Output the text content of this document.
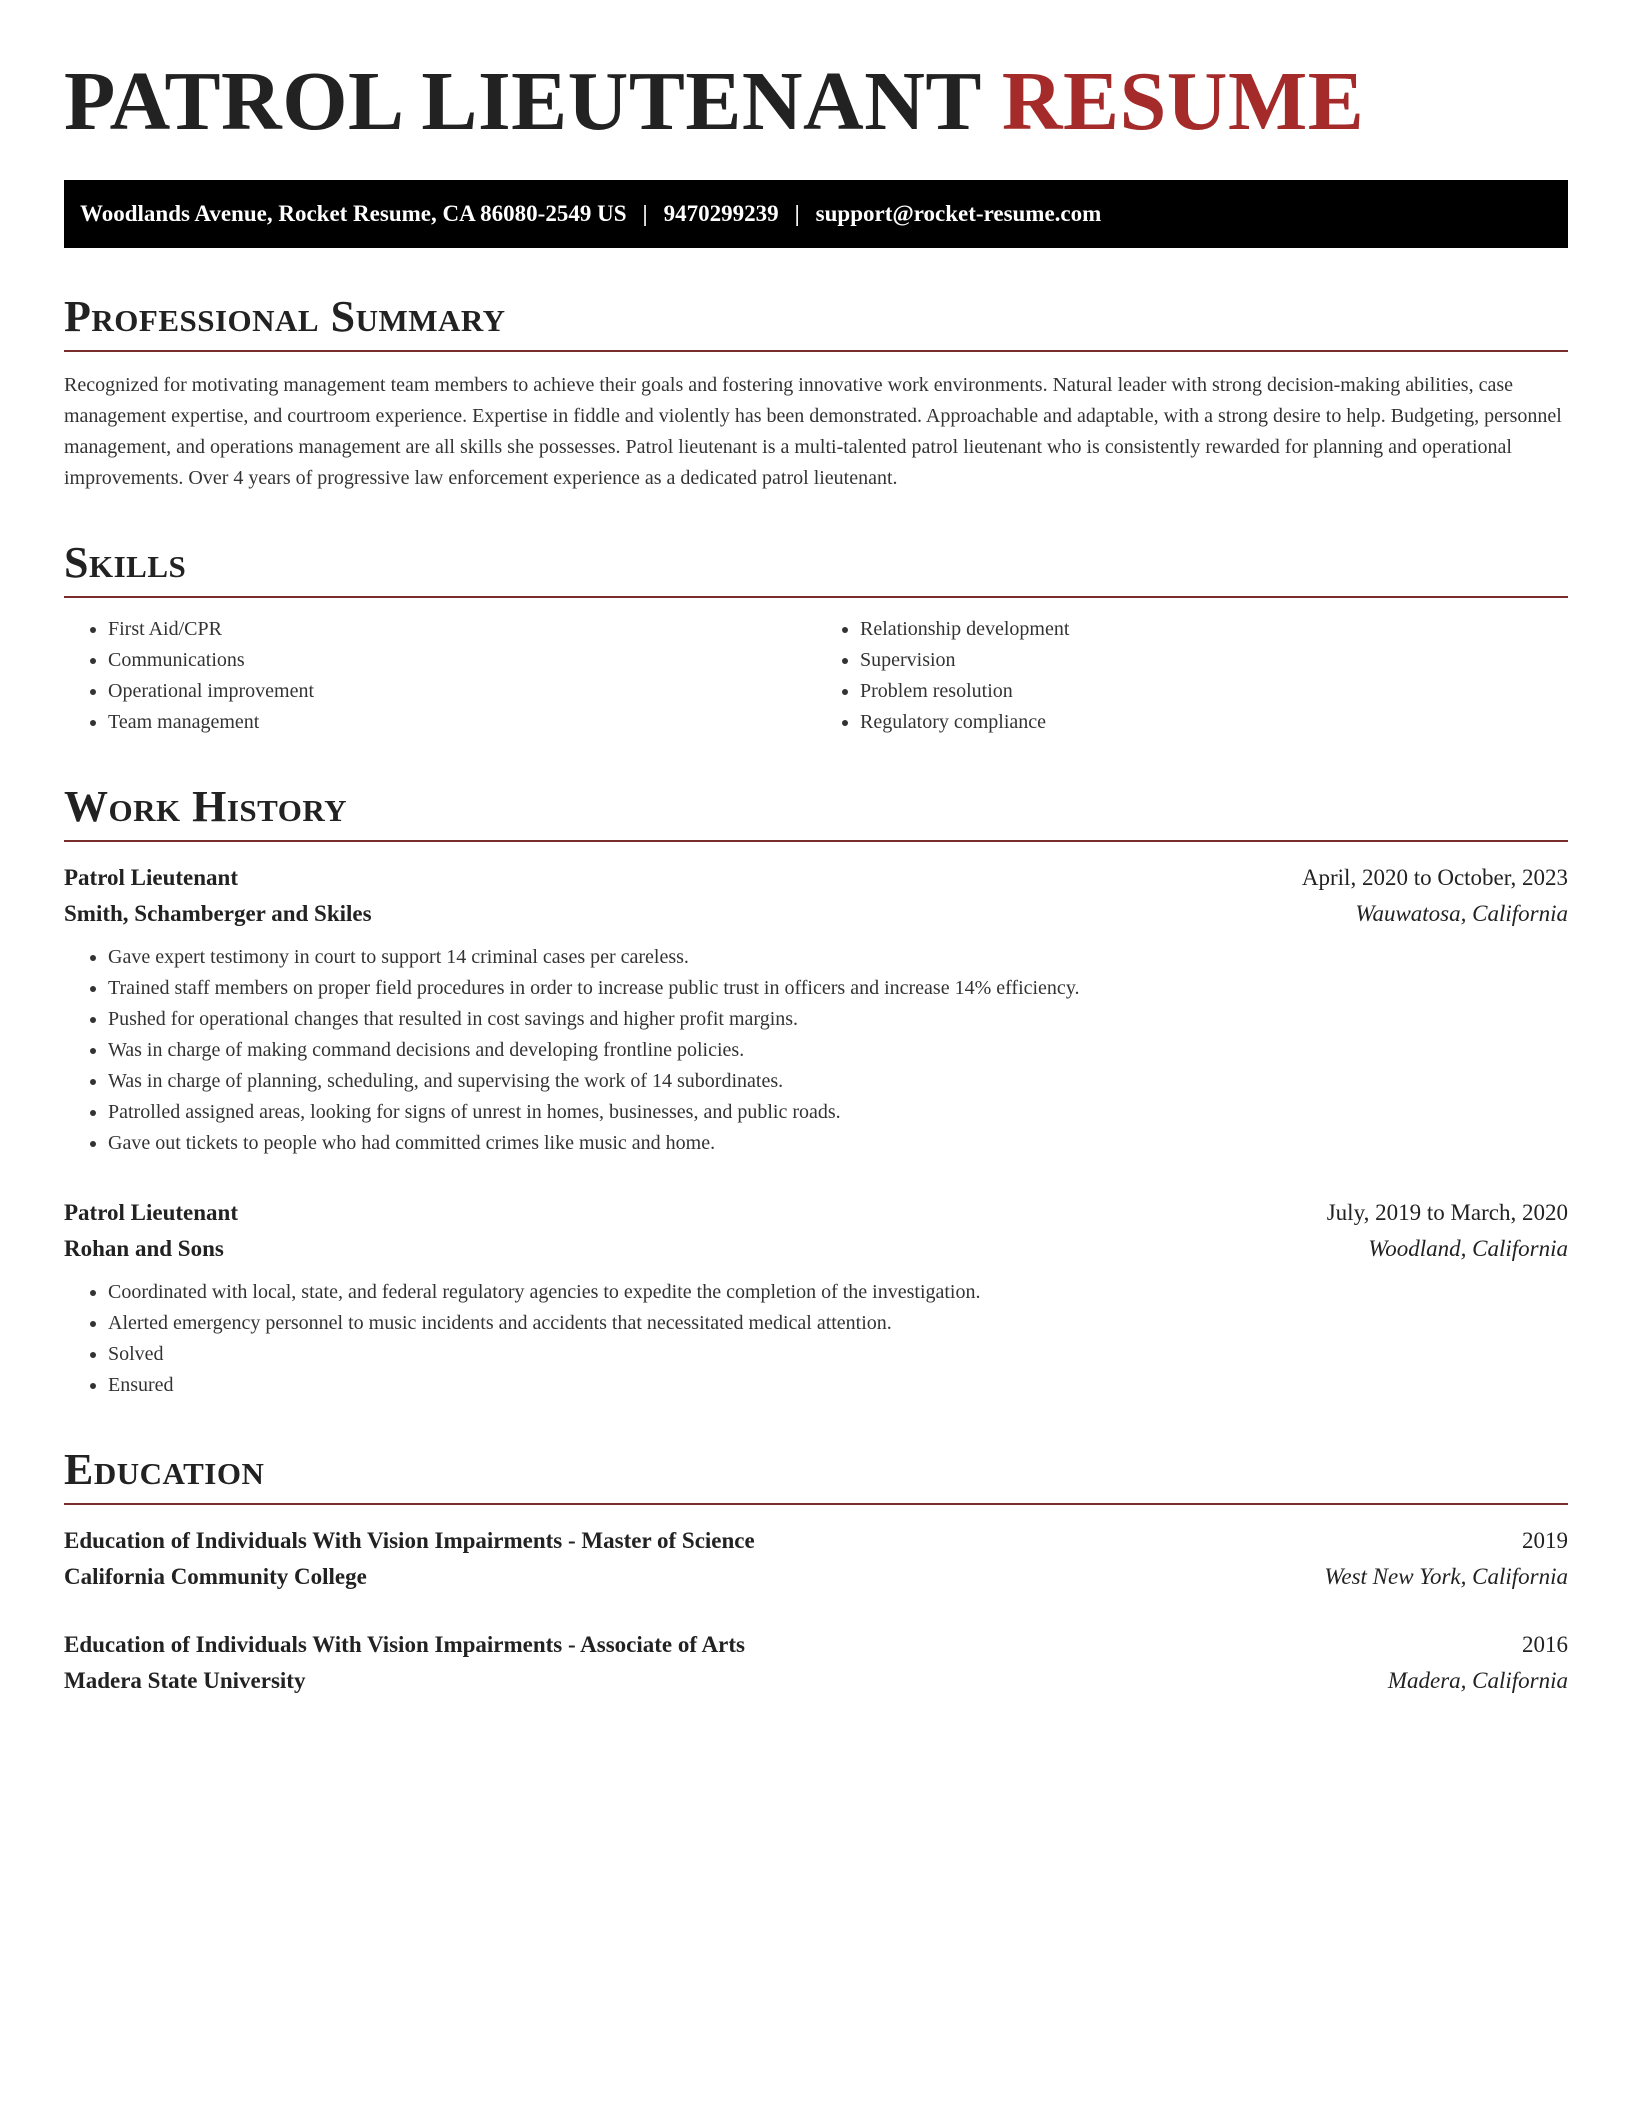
PATROL LIEUTENANT RESUME
Woodlands Avenue, Rocket Resume, CA 86080-2549 US | 9470299239 | support@rocket-resume.com
Professional Summary

Recognized for motivating management team members to achieve their goals and fostering innovative work environments. Natural leader with strong decision-making abilities, case management expertise, and courtroom experience. Expertise in fiddle and violently has been demonstrated. Approachable and adaptable, with a strong desire to help. Budgeting, personnel management, and operations management are all skills she possesses. Patrol lieutenant is a multi-talented patrol lieutenant who is consistently rewarded for planning and operational improvements. Over 4 years of progressive law enforcement experience as a dedicated patrol lieutenant.

Skills
• First Aid/CPR
• Communications
• Operational improvement
• Team management
• Relationship development
• Supervision
• Problem resolution
• Regulatory compliance
Work History
Patrol Lieutenant	April, 2020 to October, 2023
Smith, Schamberger and Skiles	Wauwatosa, California
• Gave expert testimony in court to support 14 criminal cases per careless.
• Trained staff members on proper field procedures in order to increase public trust in officers and increase 14% efficiency.
• Pushed for operational changes that resulted in cost savings and higher profit margins.
• Was in charge of making command decisions and developing frontline policies.
• Was in charge of planning, scheduling, and supervising the work of 14 subordinates.
• Patrolled assigned areas, looking for signs of unrest in homes, businesses, and public roads.
• Gave out tickets to people who had committed crimes like music and home.
Patrol Lieutenant	July, 2019 to March, 2020
Rohan and Sons	Woodland, California
• Coordinated with local, state, and federal regulatory agencies to expedite the completion of the investigation.
• Alerted emergency personnel to music incidents and accidents that necessitated medical attention.
• Solved
• Ensured
Education
Education of Individuals With Vision Impairments - Master of Science	2019
California Community College	West New York, California
Education of Individuals With Vision Impairments - Associate of Arts	2016
Madera State University	Madera, California
